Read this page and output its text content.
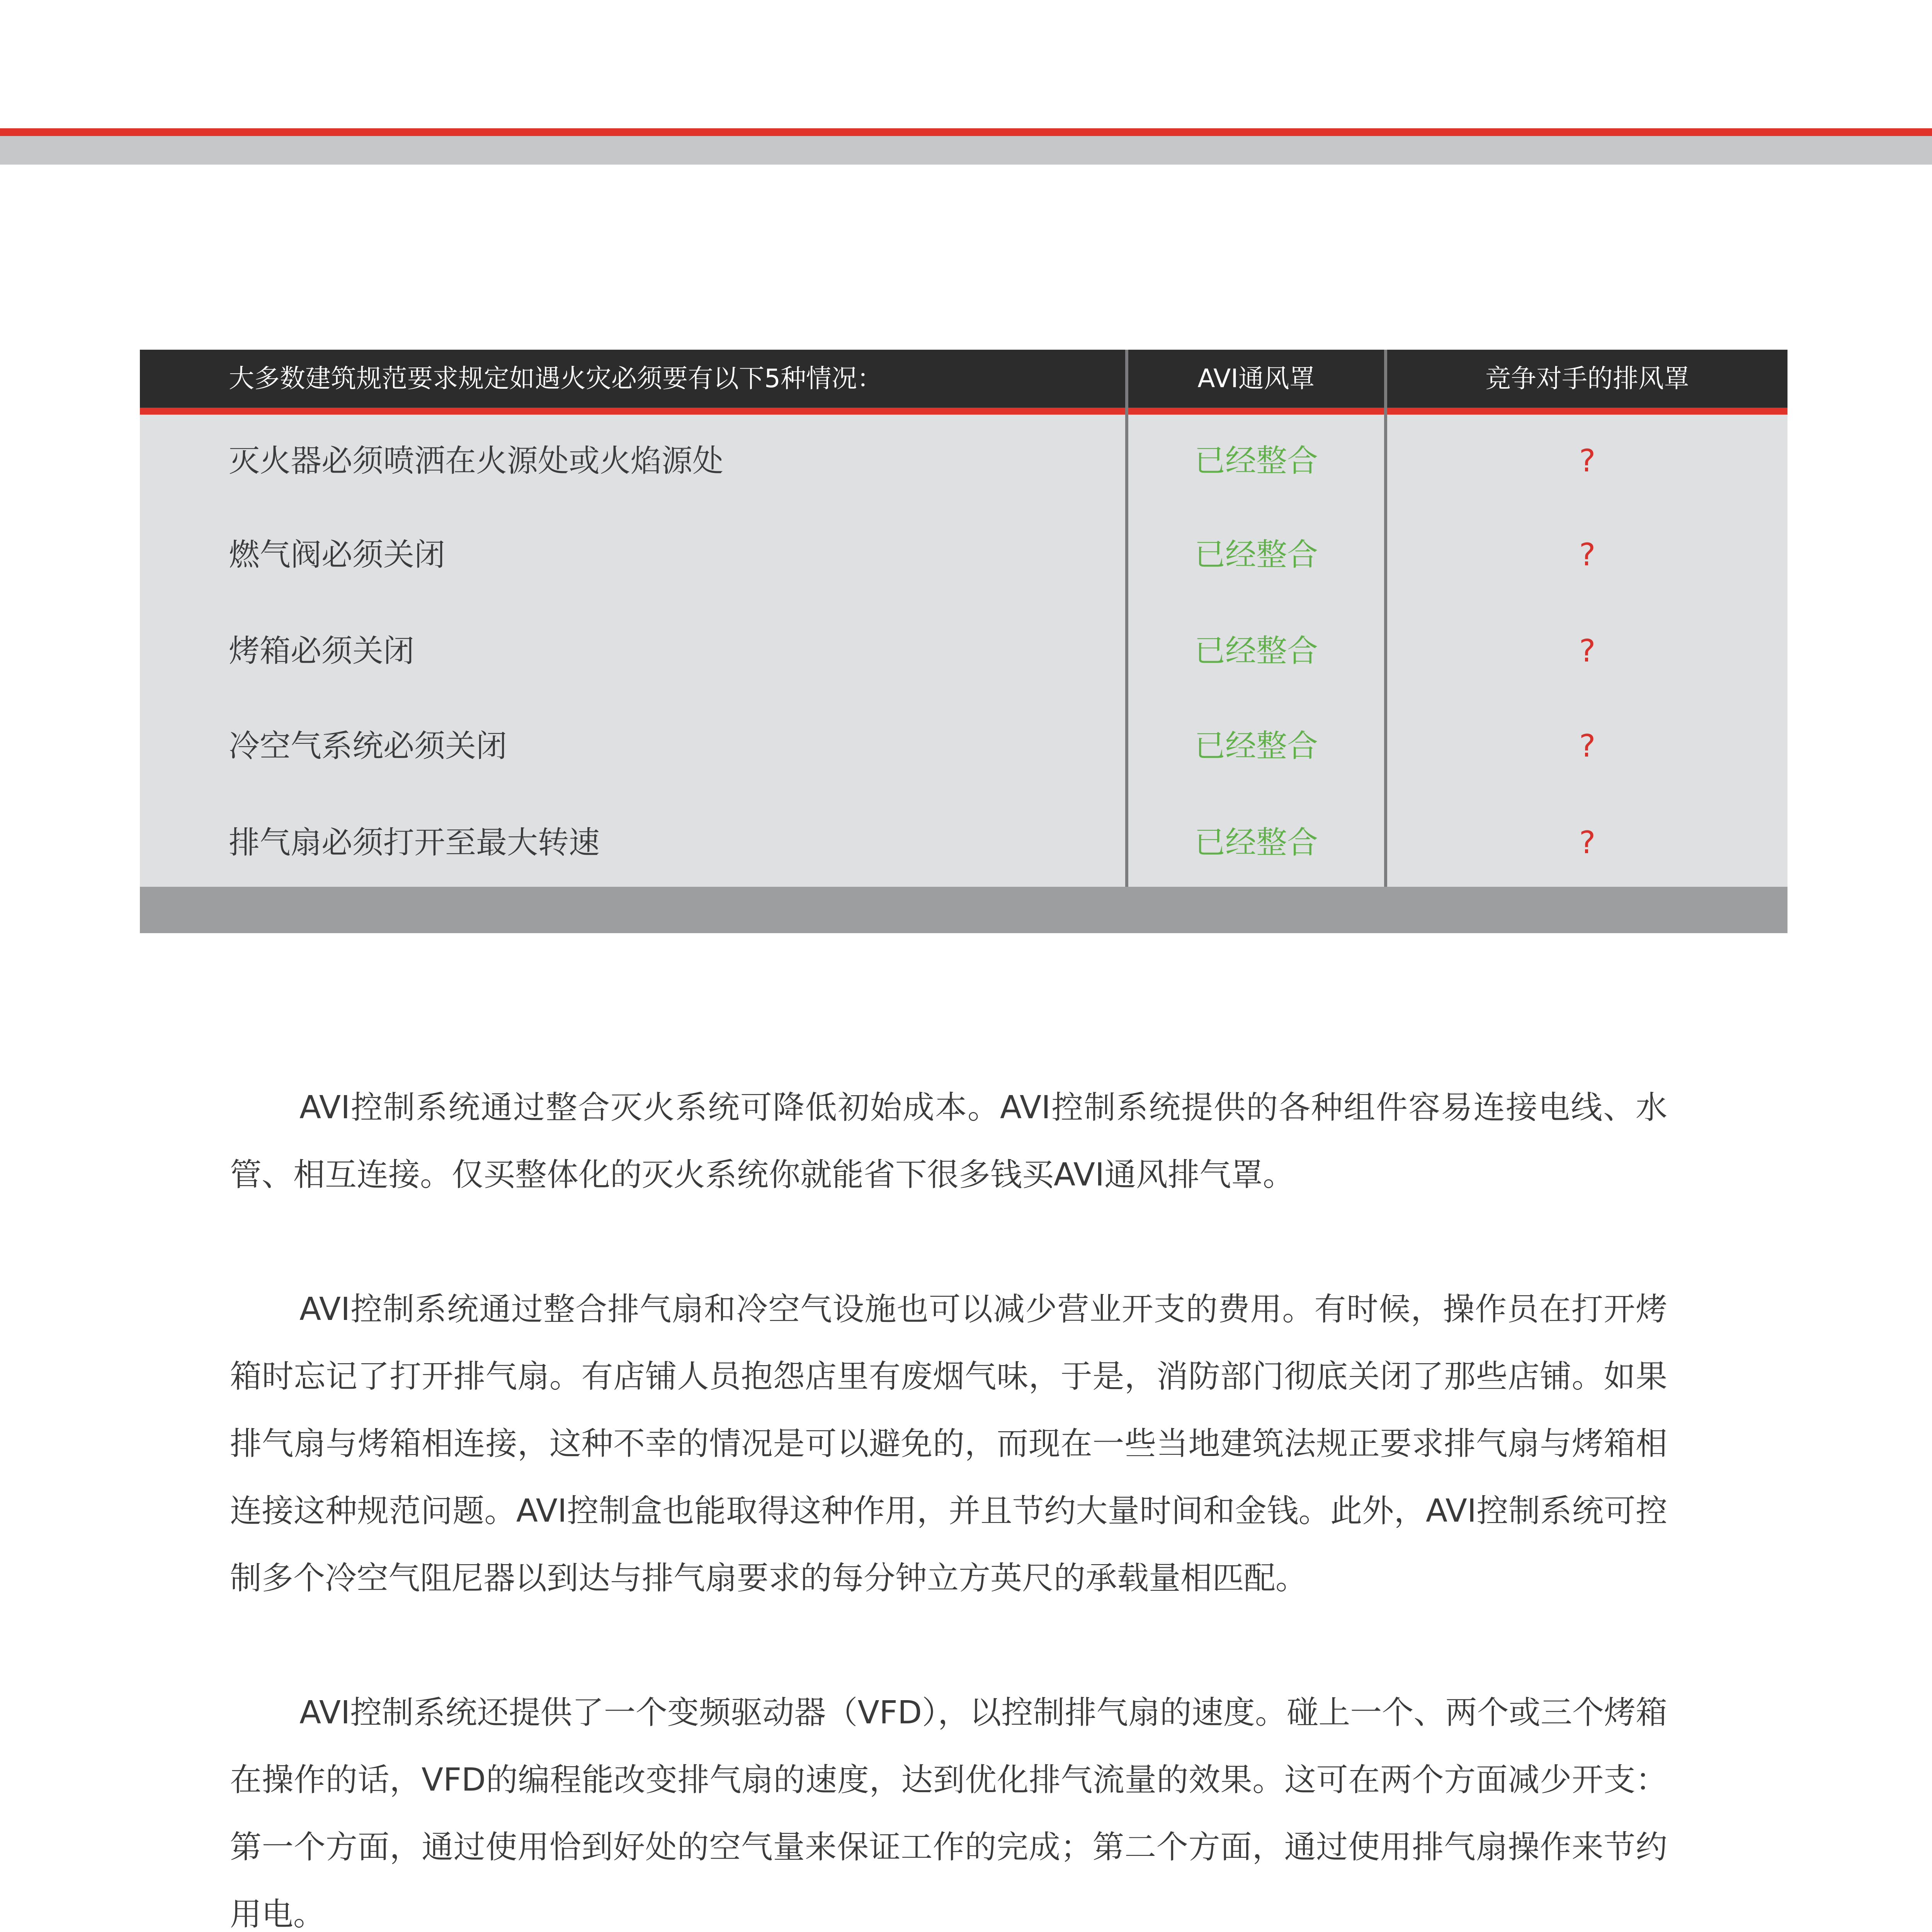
大多数建筑规范要求规定如遇火灾必须要有以下5种情况：	AVI通风罩	竞争对手的排风罩
灭火器必须喷洒在火源处或火焰源处	已经整合	?
燃气阀必须关闭	已经整合	?
烤箱必须关闭	已经整合	?
冷空气系统必须关闭	已经整合	?
排气扇必须打开至最大转速	已经整合	?

AVI控制系统通过整合灭火系统可降低初始成本。AVI控制系统提供的各种组件容易连接电线、水管、相互连接。仅买整体化的灭火系统你就能省下很多钱买AVI通风排气罩。

AVI控制系统通过整合排气扇和冷空气设施也可以减少营业开支的费用。有时候，操作员在打开烤箱时忘记了打开排气扇。有店铺人员抱怨店里有废烟气味，于是，消防部门彻底关闭了那些店铺。如果排气扇与烤箱相连接，这种不幸的情况是可以避免的，而现在一些当地建筑法规正要求排气扇与烤箱相连接这种规范问题。AVI控制盒也能取得这种作用，并且节约大量时间和金钱。此外，AVI控制系统可控制多个冷空气阻尼器以到达与排气扇要求的每分钟立方英尺的承载量相匹配。

AVI控制系统还提供了一个变频驱动器（VFD），以控制排气扇的速度。碰上一个、两个或三个烤箱在操作的话，VFD的编程能改变排气扇的速度，达到优化排气流量的效果。这可在两个方面减少开支：第一个方面，通过使用恰到好处的空气量来保证工作的完成；第二个方面，通过使用排气扇操作来节约用电。
